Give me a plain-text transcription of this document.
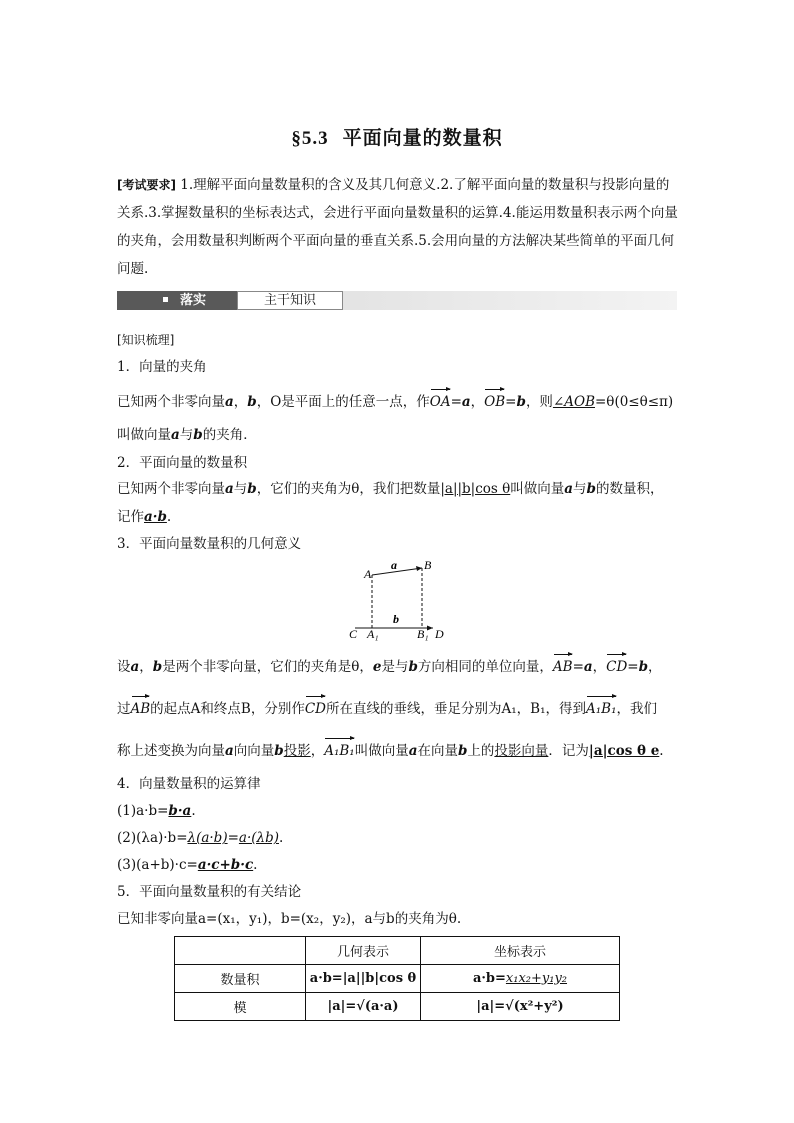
§5.3 平面向量的数量积
[考试要求] 1.理解平面向量数量积的含义及其几何意义.2.了解平面向量的数量积与投影向量的关系.3.掌握数量积的坐标表达式，会进行平面向量数量积的运算.4.能运用数量积表示两个向量的夹角，会用数量积判断两个平面向量的垂直关系.5.会用向量的方法解决某些简单的平面几何问题.
落实	主干知识
[知识梳理]
1．向量的夹角
已知两个非零向量a，b，O是平面上的任意一点，作OA=a，OB=b，则∠AOB=θ(0≤θ≤π)
叫做向量a与b的夹角．
2．平面向量的数量积
已知两个非零向量a与b，它们的夹角为θ，我们把数量|a||b|cos θ叫做向量a与b的数量积，
记作a·b.
3．平面向量数量积的几何意义
A
B
a
b
C A₁	B₁ D
设a，b是两个非零向量，它们的夹角是θ，e是与b方向相同的单位向量，AB=a，CD=b，
过AB的起点A和终点B，分别作CD所在直线的垂线，垂足分别为A₁，B₁，得到A₁B₁，我们
称上述变换为向量a向向量b投影，A₁B₁叫做向量a在向量b上的投影向量．记为|a|cos θ e.
4．向量数量积的运算律
(1)a·b=b·a.
(2)(λa)·b=λ(a·b)=a·(λb).
(3)(a+b)·c=a·c+b·c.
5．平面向量数量积的有关结论
已知非零向量a=(x₁，y₁)，b=(x₂，y₂)，a与b的夹角为θ.
	几何表示	坐标表示
数量积	a·b=|a||b|cos θ	a·b=x₁x₂+y₁y₂
模	|a|=√(a·a)	|a|=√(x²+y²)
